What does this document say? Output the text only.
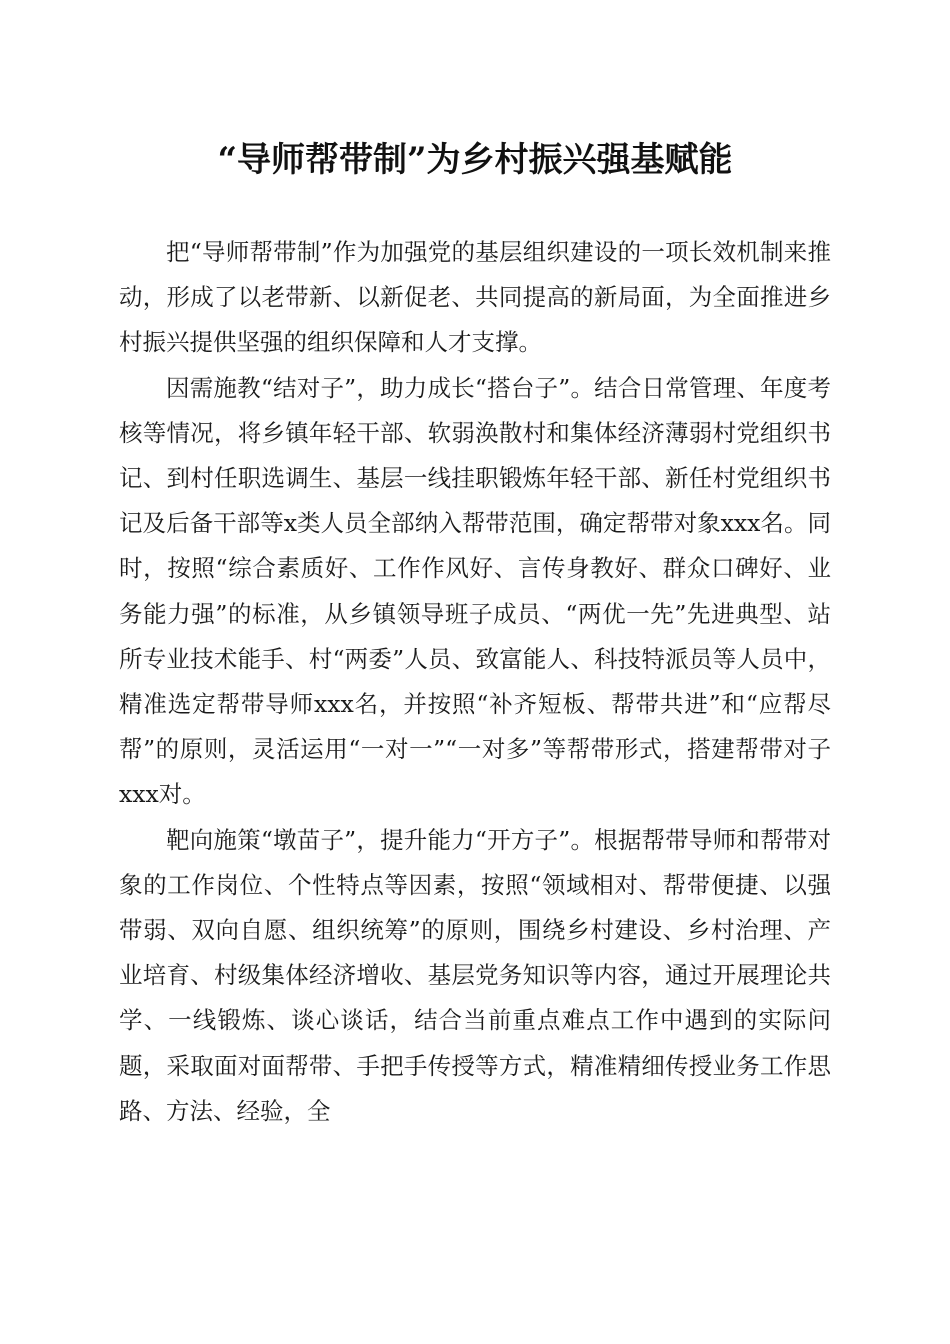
“导师帮带制”为乡村振兴强基赋能

把“导师帮带制”作为加强党的基层组织建设的一项长效机制来推动，形成了以老带新、以新促老、共同提高的新局面，为全面推进乡村振兴提供坚强的组织保障和人才支撑。

因需施教“结对子”，助力成长“搭台子”。结合日常管理、年度考核等情况，将乡镇年轻干部、软弱涣散村和集体经济薄弱村党组织书记、到村任职选调生、基层一线挂职锻炼年轻干部、新任村党组织书记及后备干部等x类人员全部纳入帮带范围，确定帮带对象xxx名。同时，按照“综合素质好、工作作风好、言传身教好、群众口碑好、业务能力强”的标准，从乡镇领导班子成员、“两优一先”先进典型、站所专业技术能手、村“两委”人员、致富能人、科技特派员等人员中，精准选定帮带导师xxx名，并按照“补齐短板、帮带共进”和“应帮尽帮”的原则，灵活运用“一对一”“一对多”等帮带形式，搭建帮带对子xxx对。

靶向施策“墩苗子”，提升能力“开方子”。根据帮带导师和帮带对象的工作岗位、个性特点等因素，按照“领域相对、帮带便捷、以强带弱、双向自愿、组织统筹”的原则，围绕乡村建设、乡村治理、产业培育、村级集体经济增收、基层党务知识等内容，通过开展理论共学、一线锻炼、谈心谈话，结合当前重点难点工作中遇到的实际问题，采取面对面帮带、手把手传授等方式，精准精细传授业务工作思路、方法、经验，全
